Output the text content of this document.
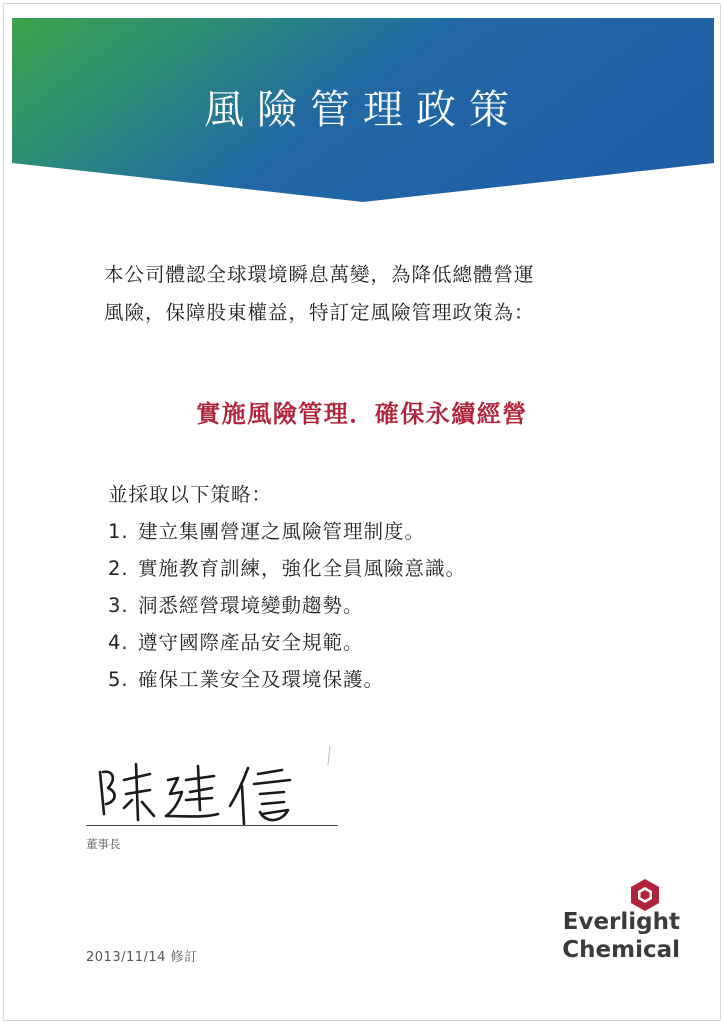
風險管理政策
本公司體認全球環境瞬息萬變，為降低總體營運
風險，保障股東權益，特訂定風險管理政策為：
實施風險管理．確保永續經營
並採取以下策略：
1. 建立集團營運之風險管理制度。
2. 實施教育訓練，強化全員風險意識。
3. 洞悉經營環境變動趨勢。
4. 遵守國際產品安全規範。
5. 確保工業安全及環境保護。
董事長
2013/11/14 修訂
Everlight
Chemical
